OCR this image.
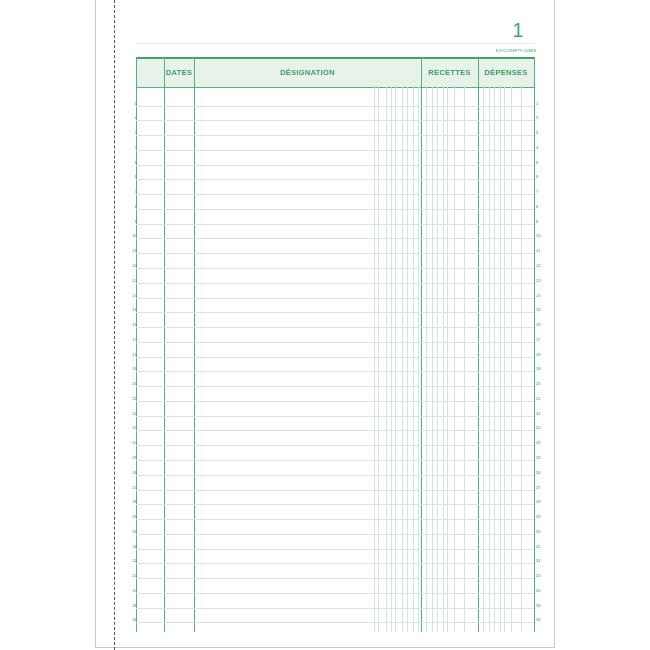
1
EXACOMPTA 13688
DATES	DÉSIGNATION	RECETTES	DÉPENSES
1	1
2	2
3	3
4	4
5	5
6	6
7	7
8	8
9	9
10	10
11	11
12	12
13	13
14	14
15	15
16	16
17	17
18	18
19	19
20	20
21	21
22	22
23	23
24	24
25	25
26	26
27	27
28	28
29	29
30	30
31	31
32	32
33	33
34	34
35	35
36	36
